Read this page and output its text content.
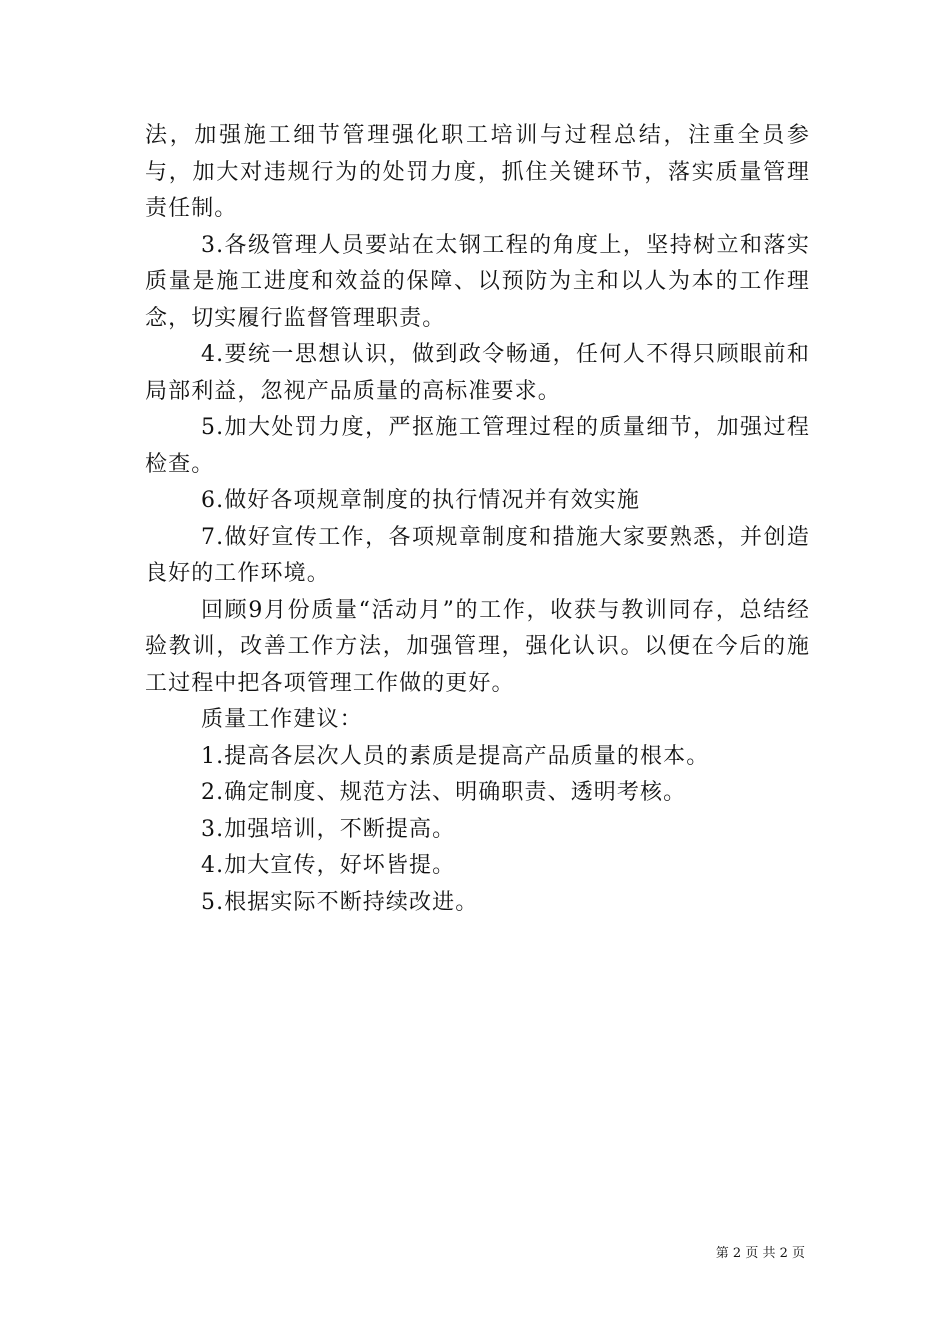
法，加强施工细节管理强化职工培训与过程总结，注重全员参与，加大对违规行为的处罚力度，抓住关键环节，落实质量管理责任制。

3.各级管理人员要站在太钢工程的角度上，坚持树立和落实质量是施工进度和效益的保障、以预防为主和以人为本的工作理念，切实履行监督管理职责。

4.要统一思想认识，做到政令畅通，任何人不得只顾眼前和局部利益，忽视产品质量的高标准要求。

5.加大处罚力度，严抠施工管理过程的质量细节，加强过程检查。

6.做好各项规章制度的执行情况并有效实施

7.做好宣传工作，各项规章制度和措施大家要熟悉，并创造良好的工作环境。

回顾9月份质量“活动月”的工作，收获与教训同存，总结经验教训，改善工作方法，加强管理，强化认识。以便在今后的施工过程中把各项管理工作做的更好。

质量工作建议：

1.提高各层次人员的素质是提高产品质量的根本。

2.确定制度、规范方法、明确职责、透明考核。

3.加强培训，不断提高。

4.加大宣传，好坏皆提。

5.根据实际不断持续改进。

第 2 页 共 2 页
